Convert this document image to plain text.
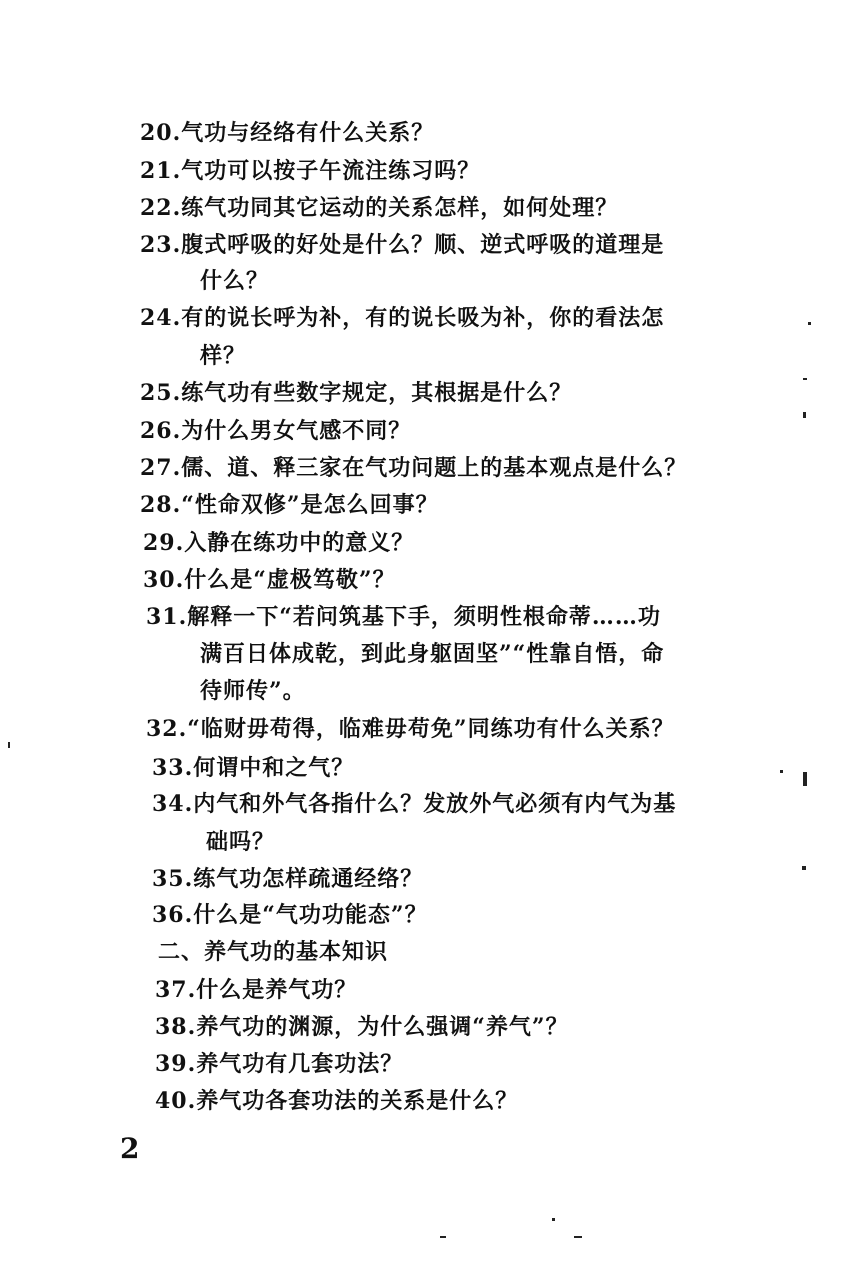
20.气功与经络有什么关系？
21.气功可以按子午流注练习吗？
22.练气功同其它运动的关系怎样，如何处理？
23.腹式呼吸的好处是什么？顺、逆式呼吸的道理是
什么？
24.有的说长呼为补，有的说长吸为补，你的看法怎
样？
25.练气功有些数字规定，其根据是什么？
26.为什么男女气感不同？
27.儒、道、释三家在气功问题上的基本观点是什么？
28.“性命双修”是怎么回事？
29.入静在练功中的意义？
30.什么是“虚极笃敬”？
31.解释一下“若问筑基下手，须明性根命蒂……功
满百日体成乾，到此身躯固坚”“性靠自悟，命
待师传”。
32.“临财毋苟得，临难毋苟免”同练功有什么关系？
33.何谓中和之气？
34.内气和外气各指什么？发放外气必须有内气为基
础吗？
35.练气功怎样疏通经络？
36.什么是“气功功能态”？
二、养气功的基本知识
37.什么是养气功？
38.养气功的渊源，为什么强调“养气”？
39.养气功有几套功法？
40.养气功各套功法的关系是什么？
2
